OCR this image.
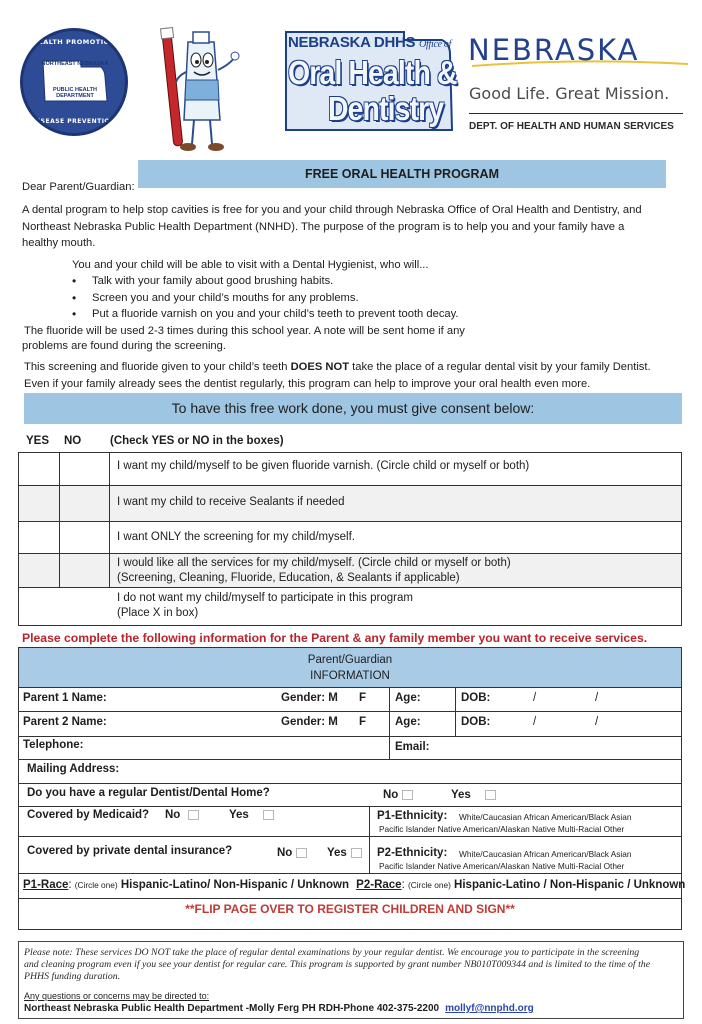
HEALTH PROMOTION
NORTHEAST NEBRASKA
PUBLIC HEALTH DEPARTMENT
DISEASE PREVENTION
NEBRASKA DHHS Office of
Oral Health &
Dentistry
NEBRASKA
Good Life. Great Mission.
DEPT. OF HEALTH AND HUMAN SERVICES
FREE ORAL HEALTH PROGRAM
Dear Parent/Guardian:
A dental program to help stop cavities is free for you and your child through Nebraska Office of Oral Health and Dentistry, and
Northeast Nebraska Public Health Department (NNHD). The purpose of the program is to help you and your family have a
healthy mouth.
You and your child will be able to visit with a Dental Hygienist, who will...
• Talk with your family about good brushing habits.
• Screen you and your child’s mouths for any problems.
• Put a fluoride varnish on you and your child’s teeth to prevent tooth decay.
The fluoride will be used 2-3 times during this school year. A note will be sent home if any
problems are found during the screening.
This screening and fluoride given to your child’s teeth DOES NOT take the place of a regular dental visit by your family Dentist.
Even if your family already sees the dentist regularly, this program can help to improve your oral health even more.
To have this free work done, you must give consent below:
YES NO	(Check YES or NO in the boxes)
I want my child/myself to be given fluoride varnish. (Circle child or myself or both)
I want my child to receive Sealants if needed
I want ONLY the screening for my child/myself.
I would like all the services for my child/myself. (Circle child or myself or both)
(Screening, Cleaning, Fluoride, Education, & Sealants if applicable)
I do not want my child/myself to participate in this program
(Place X in box)
Please complete the following information for the Parent & any family member you want to receive services.
Parent/Guardian
INFORMATION
Parent 1 Name:	Gender: M F	Age:	DOB:	/	/
Parent 2 Name:	Gender: M F	Age:	DOB:	/	/
Telephone:	Email:
Mailing Address:
Do you have a regular Dentist/Dental Home?	No	Yes
Covered by Medicaid? No	Yes	P1-Ethnicity: White/Caucasian African American/Black Asian
Pacific Islander Native American/Alaskan Native Multi-Racial Other
Covered by private dental insurance?	No	Yes	P2-Ethnicity: White/Caucasian African American/Black Asian
Pacific Islander Native American/Alaskan Native Multi-Racial Other
P1-Race: (Circle one) Hispanic-Latino/ Non-Hispanic / Unknown P2-Race: (Circle one) Hispanic-Latino / Non-Hispanic / Unknown
**FLIP PAGE OVER TO REGISTER CHILDREN AND SIGN**
Please note: These services DO NOT take the place of regular dental examinations by your regular dentist. We encourage you to participate in the screening
and cleaning program even if you see your dentist for regular care. This program is supported by grant number NB010T009344 and is limited to the time of the
PHHS funding duration.
Any questions or concerns may be directed to:
Northeast Nebraska Public Health Department -Molly Ferg PH RDH-Phone 402-375-2200 mollyf@nnphd.org
